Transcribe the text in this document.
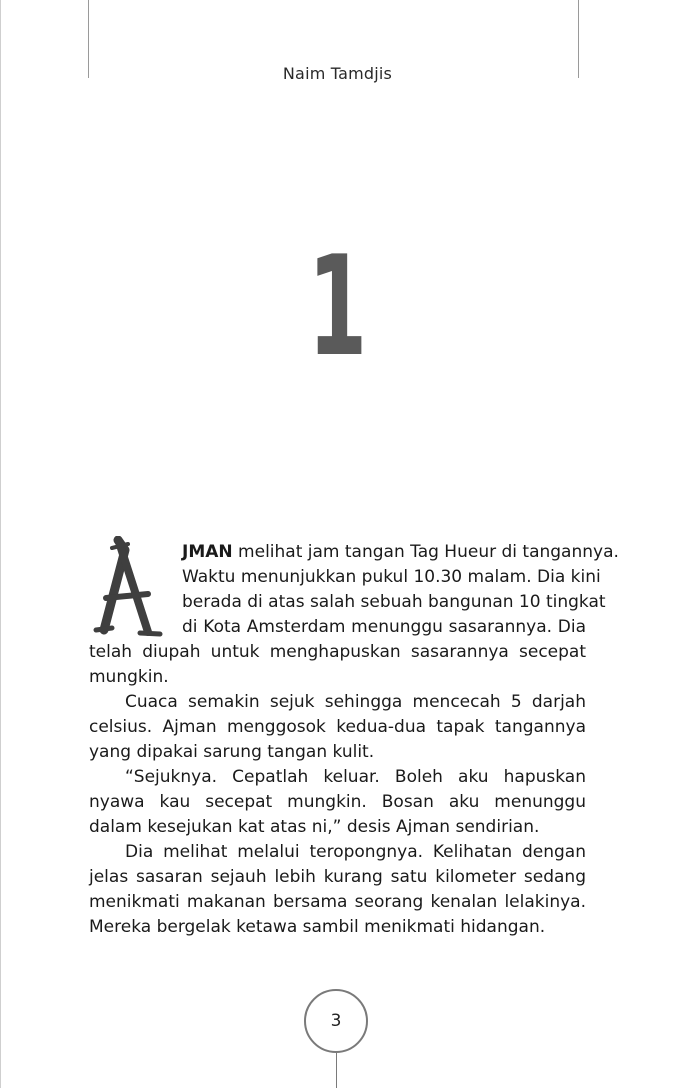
Naim Tamdjis
1
JMAN melihat jam tangan Tag Hueur di tangannya.
Waktu menunjukkan pukul 10.30 malam. Dia kini
berada di atas salah sebuah bangunan 10 tingkat
di Kota Amsterdam menunggu sasarannya. Dia
telah diupah untuk menghapuskan sasarannya secepat
mungkin.

Cuaca semakin sejuk sehingga mencecah 5 darjah celsius. Ajman menggosok kedua-dua tapak tangannya yang dipakai sarung tangan kulit.

“Sejuknya. Cepatlah keluar. Boleh aku hapuskan nyawa kau secepat mungkin. Bosan aku menunggu dalam kesejukan kat atas ni,” desis Ajman sendirian.

Dia melihat melalui teropongnya. Kelihatan dengan jelas sasaran sejauh lebih kurang satu kilometer sedang menikmati makanan bersama seorang kenalan lelakinya. Mereka bergelak ketawa sambil menikmati hidangan.

3
